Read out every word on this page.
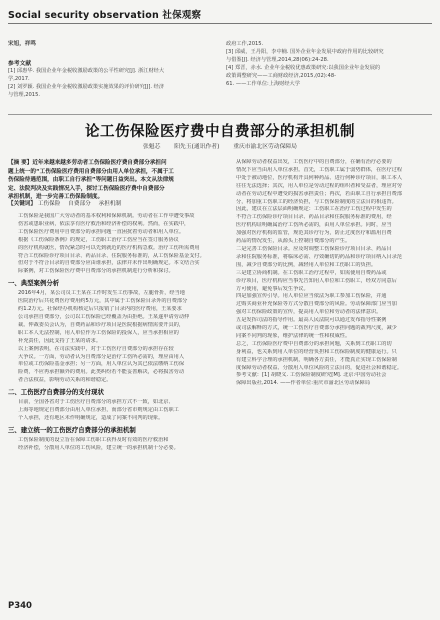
Social security observation 社保观察
宋旭，祥鸣
参考文献
[1] 邱惠华. 我国企业年金税收激励政策的公平性研究[J]. 浙江财经大
学,2017.
[2] 刘罗颖. 我国企业年金税收激励政策实施效果的评价研究[J]. 经济
与管理,2015.
政府工作,2015.
[3] 邱威，王丹阳，李中楠. 国外企业年金发展中政府作用的比较研究
与借鉴[J]. 经济与管理,2014,28(06):24-28.
[4] 郑晋，赤水. 企业年金税收优惠政策研究:以我国企业年金发展的
政策调整研究——工商财政经济,2015,(02):48-
61. ——工作单位:上海财经大学
论工伤保险医疗费中自费部分的承担机制
张魁芯 阳先玉(通讯作者) 重庆市渝北区劳动保障局
【摘 要】近年来越来越多劳动者工伤保险医疗费自费部分承担问
题上统一的“工伤保险医疗费用自费部分由用人单位承担，不属于工
伤保险待遇范围，由职工自行承担”等问题日益突出。本文从法律规
定、法院判决及实践情况入手，探讨工伤保险医疗费中自费部分
承担机制，进一步完善工伤保险制度。
【关键词】 工伤保险 自费部分 承担机制

工伤保险是我国广大劳动者的基本权利和保障机制。劳动者在工作中遭受事故

伤害或患职业病，依法享有医疗救治和经济补偿的权利。然而，在实践中，

工伤保险医疗费用中自费部分的承担问题一直困扰着劳动者和用人单位。

根据《工伤保险条例》的规定，工伤职工治疗工伤应当在签订服务协议

的医疗机构就医，情况紧急时可以先到就近的医疗机构急救。治疗工伤所需费用

符合工伤保险诊疗项目目录、药品目录、住院服务标准的，从工伤保险基金支付。

但对于不符合目录的自费部分应由谁承担，法律并未作出明确规定。本文结合实

际案例，对工伤保险医疗费中自费部分的承担机制进行分析和探讨。

一、典型案例分析

2016年4月，某公司员工王某在工作时发生工伤事故，左腿骨折，经当地

医院治疗后共花费医疗费用约5万元，其中属于工伤保险目录外的自费部分

约1.2万元。社保经办机构核定后只报销了目录内的医疗费用，王某要求

公司承担自费部分，公司以工伤保险已经覆盖为由拒绝。王某遂申请劳动仲

裁。仲裁委员会认为，自费药品和诊疗项目是医院根据病情需要开具的，

职工本人无法控制，用人单位作为工伤保险的投保人，应当承担相应的

补充责任，因此支持了王某的请求。

以上案例表明，在司法实践中，对于工伤医疗自费部分的承担存在较

大争议。一方面，劳动者认为自费部分是治疗工伤所必需的，理应由用人

单位或工伤保险基金承担；另一方面，用人单位认为其已依法缴纳工伤保

险费，不应再承担额外的费用。此类纠纷若不能妥善解决，必将损害劳动

者合法权益，影响劳动关系的和谐稳定。

二、工伤医疗自费部分的支付现状

目前，全国各省对于工伤医疗自费部分的承担方式不一致，如北京、

上海等地规定自费部分由用人单位承担，而部分省市则规定由工伤职工

个人承担，还有地区未作明确规定，造成了同案不同判的现象。

三、建立统一的工伤医疗自费部分的承担机制

工伤保险制度的设立旨在保障工伤职工获得及时有效的医疗救治和

经济补偿，分散用人单位的工伤风险，建立统一的承担机制十分必要。

从保障劳动者权益出发，工伤医疗中的自费部分，在确有治疗必要的

情况下应当由用人单位承担。首先，工伤职工属于弱势群体，在医疗过程

中处于被动地位，医疗机构开具何种药品、进行何种诊疗项目，职工本人

往往无法选择；其次，用人单位是劳动过程的组织者和受益者，理应对劳

动者在劳动过程中遭受的损害承担责任；再次，若由职工自行承担自费部

分，将加重工伤职工的经济负担，与工伤保险制度的立法目的相违背。

因此，建议在立法层面明确规定：工伤职工在治疗工伤过程中发生的

不符合工伤保险诊疗项目目录、药品目录和住院服务标准的费用，经

医疗机构证明确属治疗工伤所必需的，由用人单位承担。同时，应当

加强对医疗机构的监管，规范其诊疗行为，防止过度医疗和滥用自费

药品的情况发生，从源头上控制自费部分的产生。

二是完善工伤保险目录。应及时调整工伤保险诊疗项目目录、药品目

录和住院服务标准，将临床必需、疗效确切的药品和诊疗项目纳入目录范

围，减少自费部分的比例，减轻用人单位和工伤职工的负担。

三是建立协商机制。在工伤职工治疗过程中，如需使用自费药品或

诊疗项目，医疗机构应当事先告知用人单位和工伤职工，经双方同意后

方可使用，避免事后发生争议。

四是加强宣传引导。用人单位应当依法为职工参加工伤保险，并通

过购买商业补充保险等方式分散自费部分的风险。劳动保障部门应当加

强对工伤保险政策的宣传，提高用人单位和劳动者的法律意识。

五是发挥司法的指导作用。最高人民法院可以通过发布指导性案例

或司法解释的方式，统一工伤医疗自费部分承担问题的裁判尺度，减少

同案不同判的现象，维护法律的统一性和权威性。

总之，工伤保险医疗费中自费部分的承担问题，关系到工伤职工的切

身利益，也关系到用人单位的经营负担和工伤保险制度的健康运行。只

有建立科学合理的承担机制，明确各方责任，才能真正实现工伤保险制

度保障劳动者权益、分散用人单位风险的立法目的，促进社会和谐稳定。

参考文献：[1] 胡晓义. 工伤保险制度研究[M]. 北京:中国劳动社会

保障出版社,2014. ——作者单位:重庆市渝北区劳动保障局

P340
